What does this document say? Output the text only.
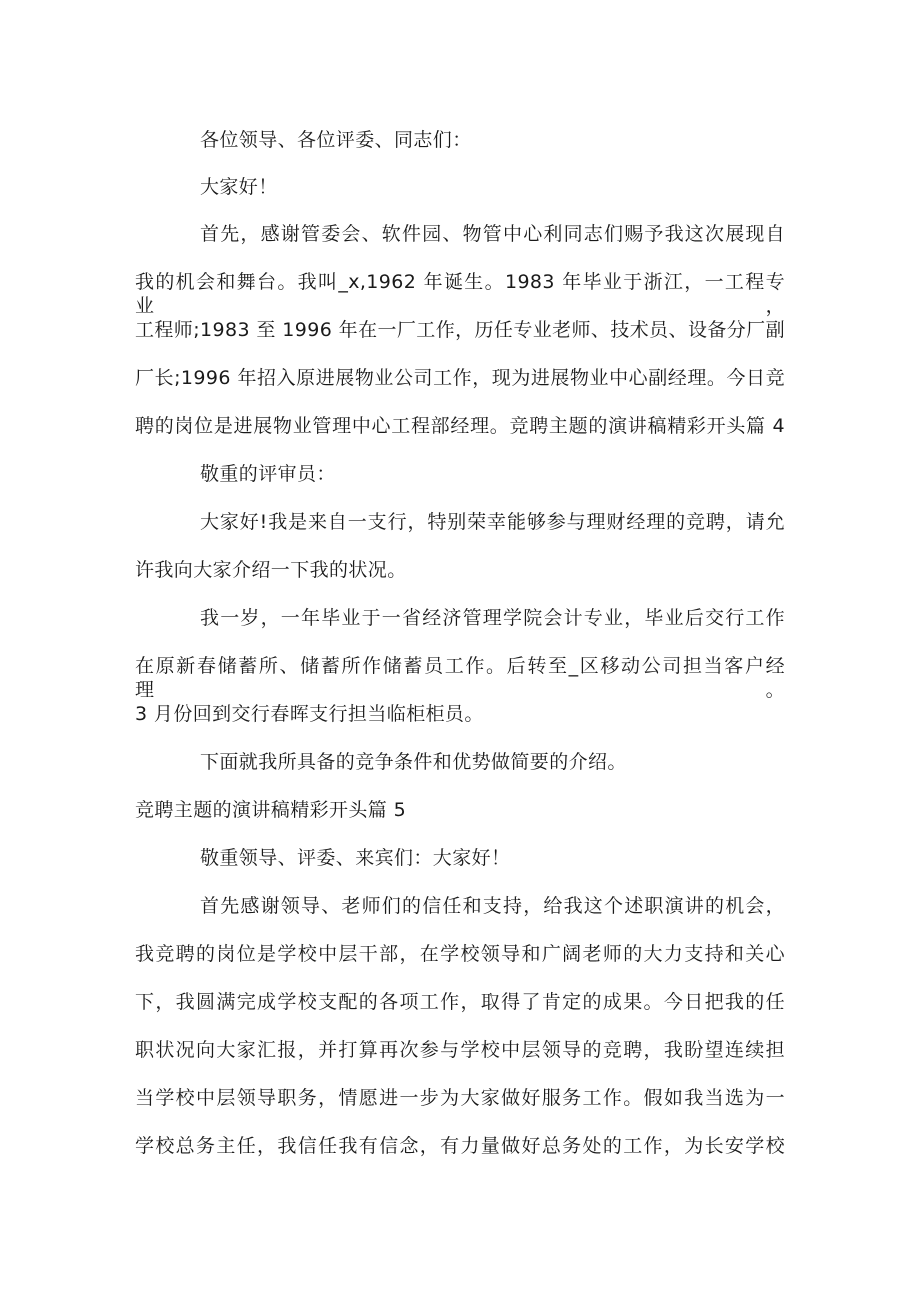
各位领导、各位评委、同志们：

大家好！

首先，感谢管委会、软件园、物管中心利同志们赐予我这次展现自

我的机会和舞台。我叫_x,1962 年诞生。1983 年毕业于浙江，一工程专业，

工程师;1983 至 1996 年在一厂工作，历任专业老师、技术员、设备分厂副

厂长;1996 年招入原进展物业公司工作，现为进展物业中心副经理。今日竞

聘的岗位是进展物业管理中心工程部经理。竞聘主题的演讲稿精彩开头篇 4

敬重的评审员：

大家好!我是来自一支行，特别荣幸能够参与理财经理的竞聘，请允

许我向大家介绍一下我的状况。

我一岁，一年毕业于一省经济管理学院会计专业，毕业后交行工作

在原新春储蓄所、储蓄所作储蓄员工作。后转至_区移动公司担当客户经理。

3 月份回到交行春晖支行担当临柜柜员。

下面就我所具备的竞争条件和优势做简要的介绍。

竞聘主题的演讲稿精彩开头篇 5

敬重领导、评委、来宾们：大家好！

首先感谢领导、老师们的信任和支持，给我这个述职演讲的机会，

我竞聘的岗位是学校中层干部，在学校领导和广阔老师的大力支持和关心

下，我圆满完成学校支配的各项工作，取得了肯定的成果。今日把我的任

职状况向大家汇报，并打算再次参与学校中层领导的竞聘，我盼望连续担

当学校中层领导职务，情愿进一步为大家做好服务工作。假如我当选为一

学校总务主任，我信任我有信念，有力量做好总务处的工作，为长安学校
